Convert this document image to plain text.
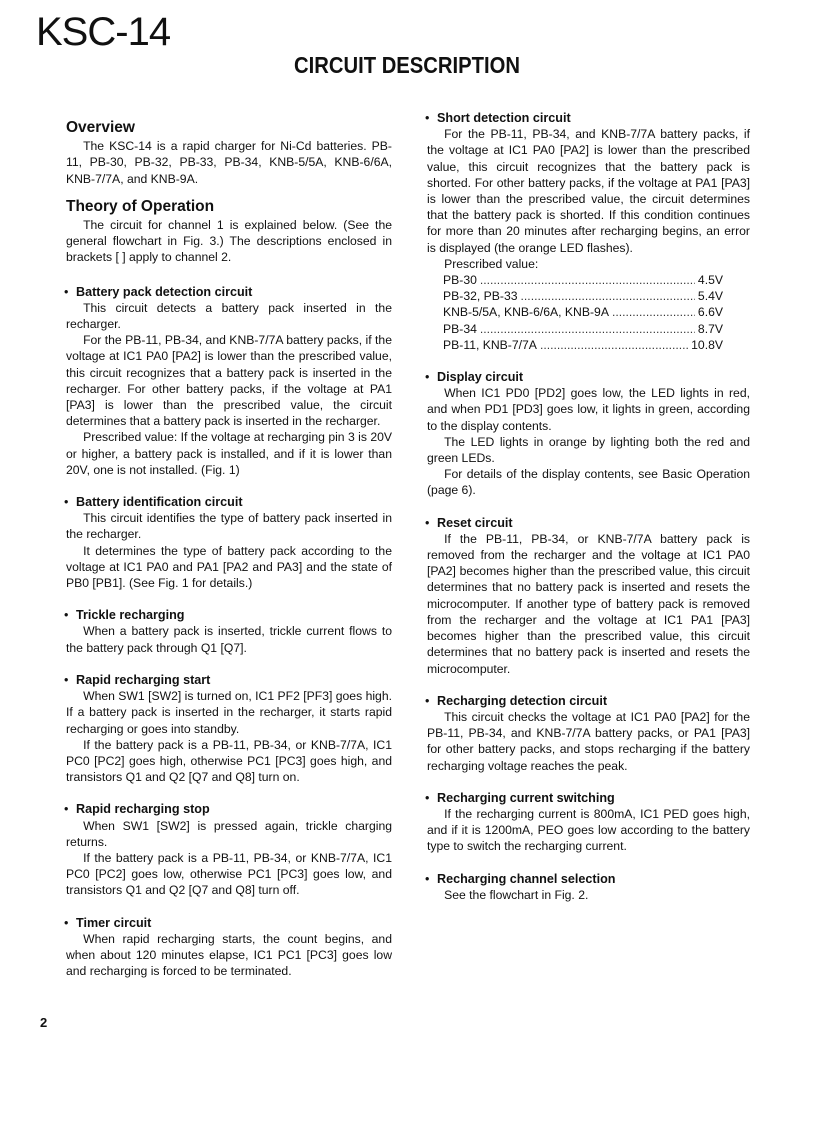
KSC-14
CIRCUIT DESCRIPTION
Overview

The KSC-14 is a rapid charger for Ni-Cd batteries. PB-11, PB-30, PB-32, PB-33, PB-34, KNB-5/5A, KNB-6/6A, KNB-7/7A, and KNB-9A.

Theory of Operation

The circuit for channel 1 is explained below. (See the general flowchart in Fig. 3.) The descriptions enclosed in brackets [ ] apply to channel 2.

• Battery pack detection circuit

This circuit detects a battery pack inserted in the recharger.

For the PB-11, PB-34, and KNB-7/7A battery packs, if the voltage at IC1 PA0 [PA2] is lower than the prescribed value, this circuit recognizes that a battery pack is inserted in the recharger. For other battery packs, if the voltage at PA1 [PA3] is lower than the prescribed value, the circuit determines that a battery pack is inserted in the recharger.

Prescribed value: If the voltage at recharging pin 3 is 20V or higher, a battery pack is installed, and if it is lower than 20V, one is not installed. (Fig. 1)

• Battery identification circuit

This circuit identifies the type of battery pack inserted in the recharger.

It determines the type of battery pack according to the voltage at IC1 PA0 and PA1 [PA2 and PA3] and the state of PB0 [PB1]. (See Fig. 1 for details.)

• Trickle recharging

When a battery pack is inserted, trickle current flows to the battery pack through Q1 [Q7].

• Rapid recharging start

When SW1 [SW2] is turned on, IC1 PF2 [PF3] goes high. If a battery pack is inserted in the recharger, it starts rapid recharging or goes into standby.

If the battery pack is a PB-11, PB-34, or KNB-7/7A, IC1 PC0 [PC2] goes high, otherwise PC1 [PC3] goes high, and transistors Q1 and Q2 [Q7 and Q8] turn on.

• Rapid recharging stop

When SW1 [SW2] is pressed again, trickle charging returns.

If the battery pack is a PB-11, PB-34, or KNB-7/7A, IC1 PC0 [PC2] goes low, otherwise PC1 [PC3] goes low, and transistors Q1 and Q2 [Q7 and Q8] turn off.

• Timer circuit

When rapid recharging starts, the count begins, and when about 120 minutes elapse, IC1 PC1 [PC3] goes low and recharging is forced to be terminated.

• Short detection circuit

For the PB-11, PB-34, and KNB-7/7A battery packs, if the voltage at IC1 PA0 [PA2] is lower than the prescribed value, this circuit recognizes that the battery pack is shorted. For other battery packs, if the voltage at PA1 [PA3] is lower than the prescribed value, the circuit determines that the battery pack is shorted. If this condition continues for more than 20 minutes after recharging begins, an error is displayed (the orange LED flashes).

Prescribed value:

PB-30 .....	4.5V
PB-32, PB-33 .....	5.4V
KNB-5/5A, KNB-6/6A, KNB-9A .....	6.6V
PB-34 .....	8.7V
PB-11, KNB-7/7A .....	10.8V
• Display circuit

When IC1 PD0 [PD2] goes low, the LED lights in red, and when PD1 [PD3] goes low, it lights in green, according to the display contents.

The LED lights in orange by lighting both the red and green LEDs.

For details of the display contents, see Basic Operation (page 6).

• Reset circuit

If the PB-11, PB-34, or KNB-7/7A battery pack is removed from the recharger and the voltage at IC1 PA0 [PA2] becomes higher than the prescribed value, this circuit determines that no battery pack is inserted and resets the microcomputer. If another type of battery pack is removed from the recharger and the voltage at IC1 PA1 [PA3] becomes higher than the prescribed value, this circuit determines that no battery pack is inserted and resets the microcomputer.

• Recharging detection circuit

This circuit checks the voltage at IC1 PA0 [PA2] for the PB-11, PB-34, and KNB-7/7A battery packs, or PA1 [PA3] for other battery packs, and stops recharging if the battery recharging voltage reaches the peak.

• Recharging current switching

If the recharging current is 800mA, IC1 PED goes high, and if it is 1200mA, PEO goes low according to the battery type to switch the recharging current.

• Recharging channel selection

See the flowchart in Fig. 2.

2
